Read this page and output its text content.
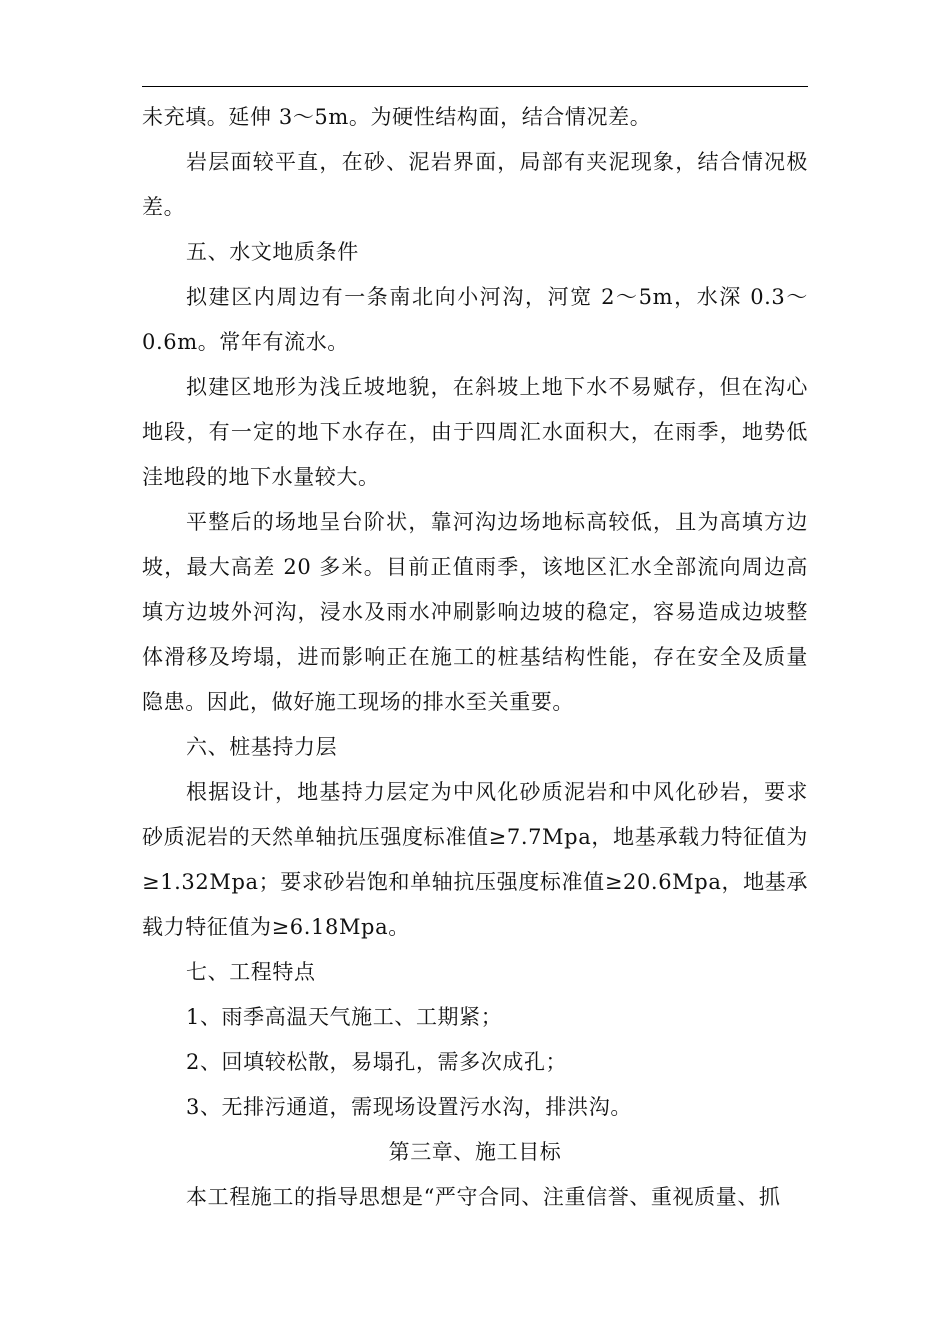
未充填。延伸 3～5m。为硬性结构面，结合情况差。

岩层面较平直，在砂、泥岩界面，局部有夹泥现象，结合情况极差。

五、水文地质条件

拟建区内周边有一条南北向小河沟，河宽 2～5m，水深 0.3～0.6m。常年有流水。

拟建区地形为浅丘坡地貌，在斜坡上地下水不易赋存，但在沟心地段，有一定的地下水存在，由于四周汇水面积大，在雨季，地势低洼地段的地下水量较大。

平整后的场地呈台阶状，靠河沟边场地标高较低，且为高填方边坡，最大高差 20 多米。目前正值雨季，该地区汇水全部流向周边高填方边坡外河沟，浸水及雨水冲刷影响边坡的稳定，容易造成边坡整体滑移及垮塌，进而影响正在施工的桩基结构性能，存在安全及质量隐患。因此，做好施工现场的排水至关重要。

六、桩基持力层

根据设计，地基持力层定为中风化砂质泥岩和中风化砂岩，要求砂质泥岩的天然单轴抗压强度标准值≥7.7Mpa，地基承载力特征值为≥1.32Mpa；要求砂岩饱和单轴抗压强度标准值≥20.6Mpa，地基承载力特征值为≥6.18Mpa。

七、工程特点

1、雨季高温天气施工、工期紧；

2、回填较松散，易塌孔，需多次成孔；

3、无排污通道，需现场设置污水沟，排洪沟。

第三章、施工目标

本工程施工的指导思想是“严守合同、注重信誉、重视质量、抓
